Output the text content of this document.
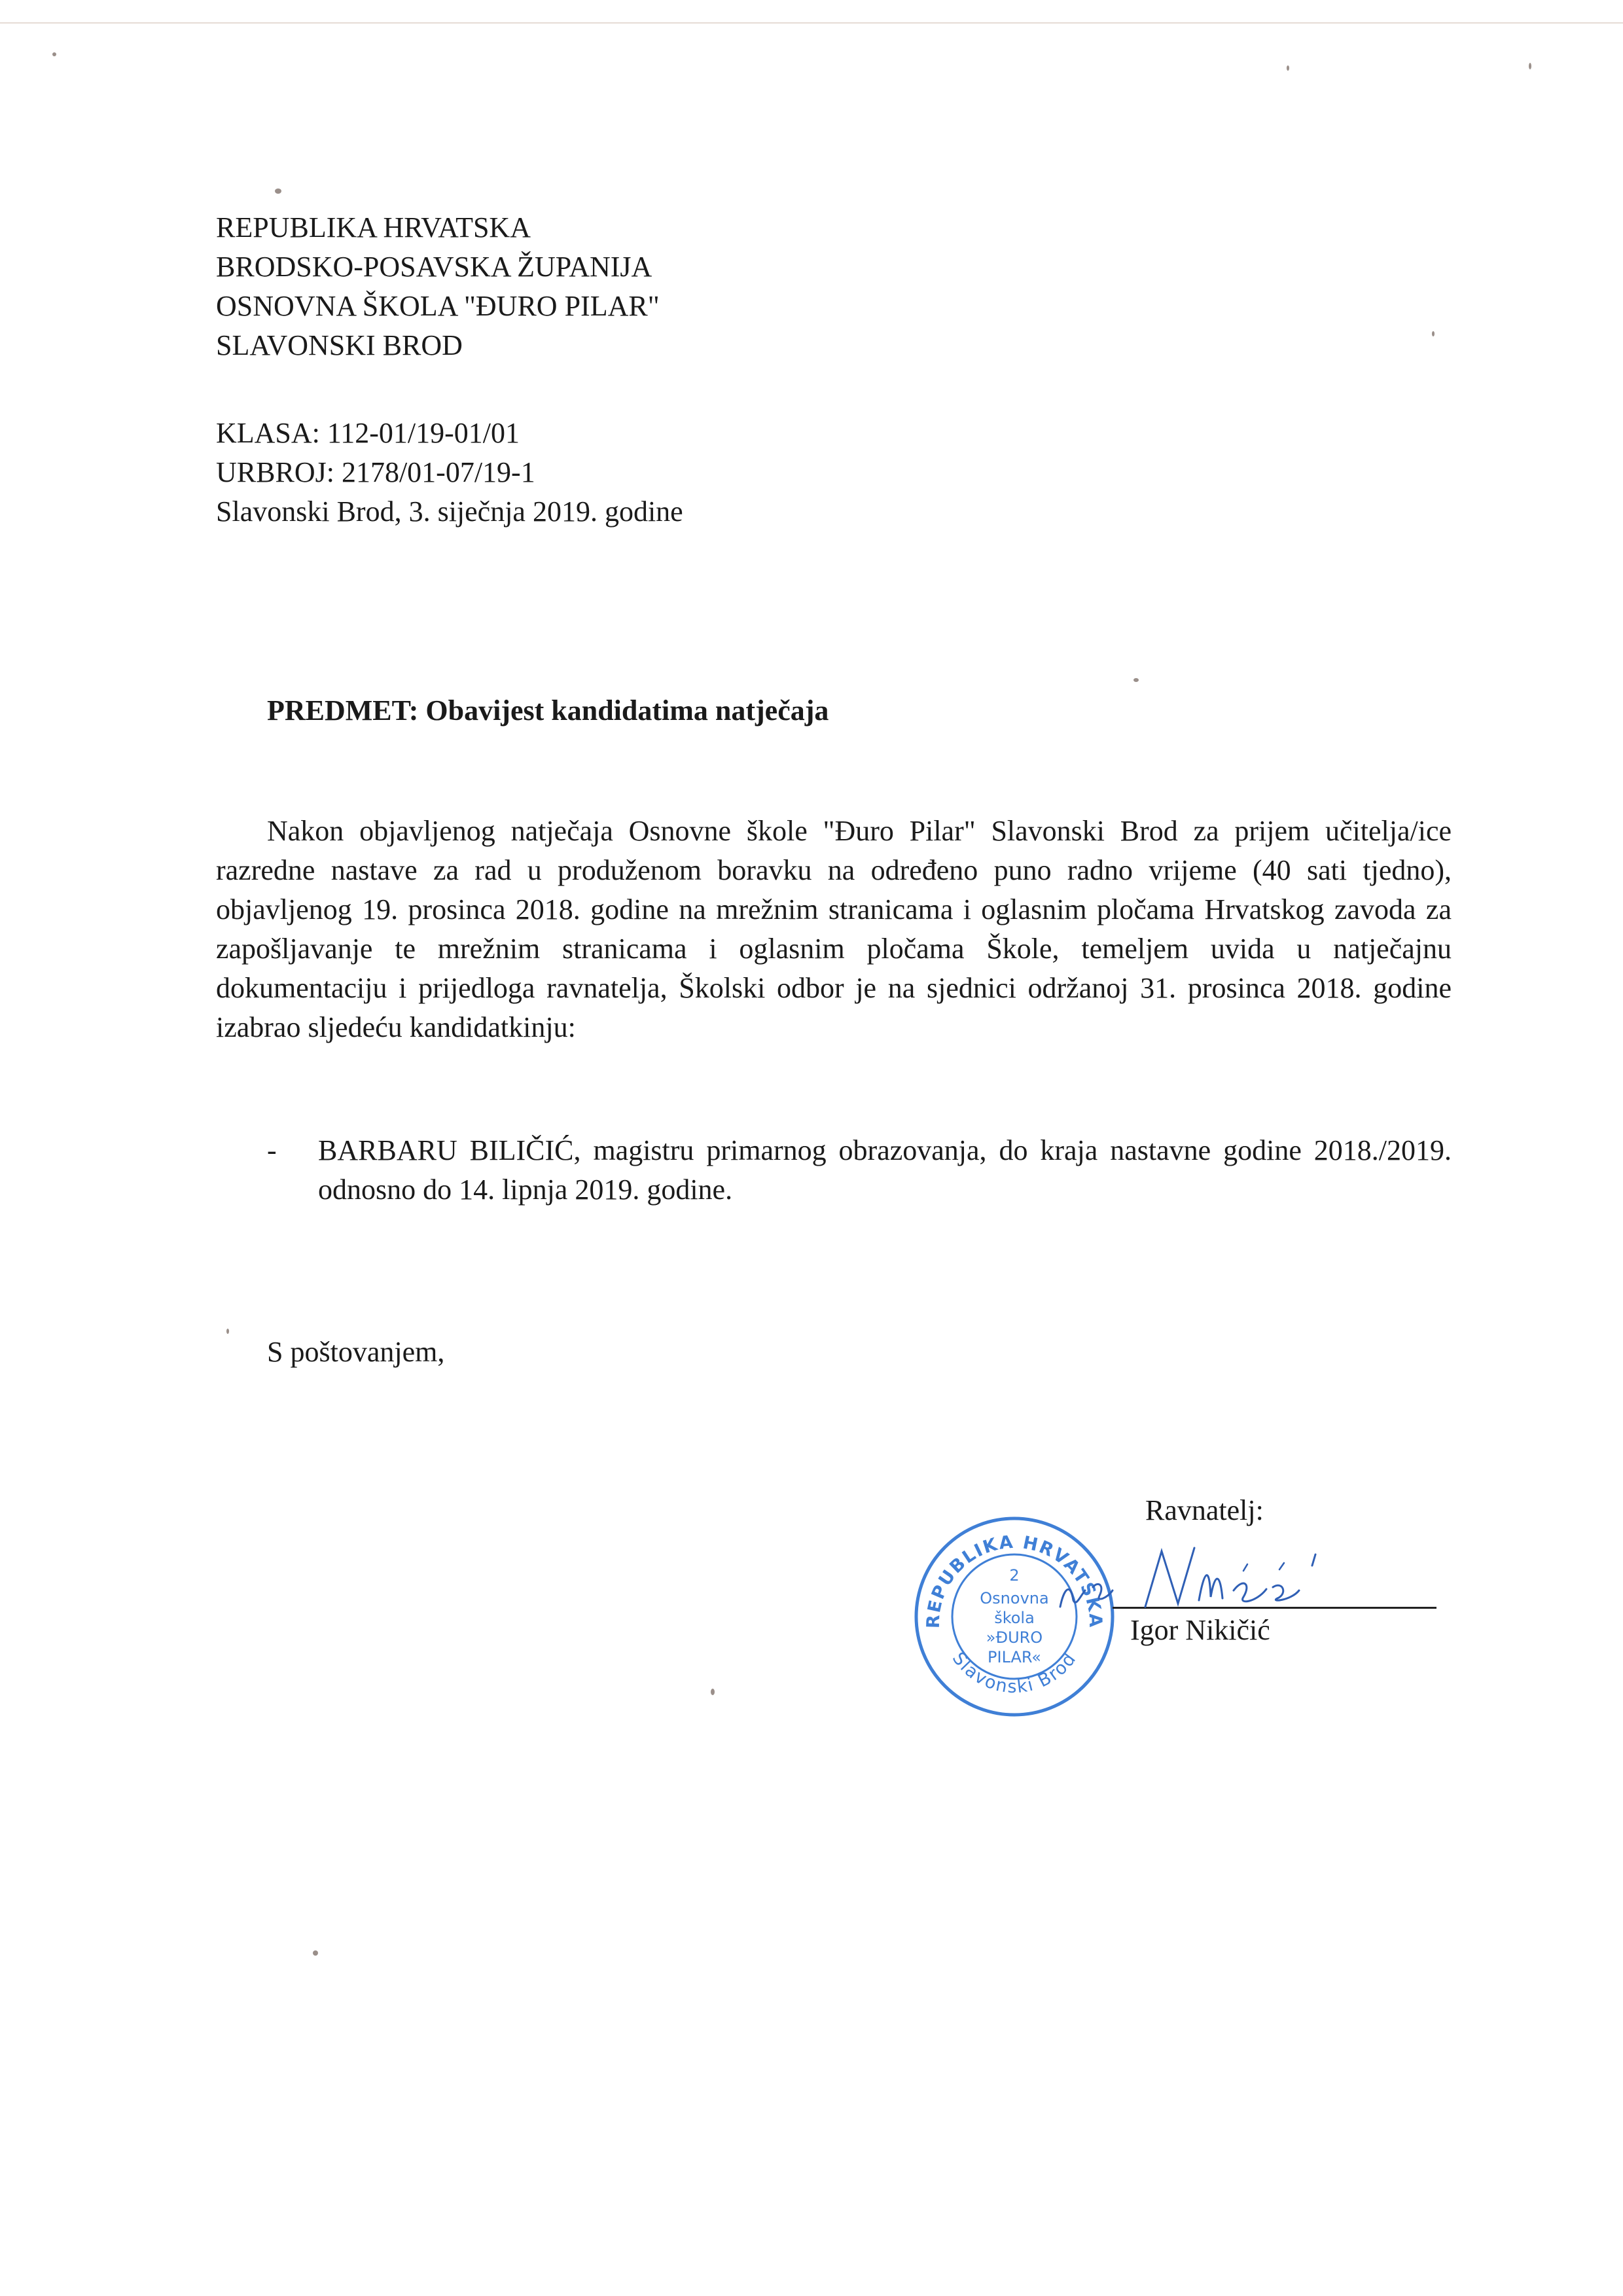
REPUBLIKA HRVATSKA
BRODSKO-POSAVSKA ŽUPANIJA
OSNOVNA ŠKOLA "ĐURO PILAR"
SLAVONSKI BROD
KLASA: 112-01/19-01/01
URBROJ: 2178/01-07/19-1
Slavonski Brod, 3. siječnja 2019. godine
PREDMET: Obavijest kandidatima natječaja
Nakon objavljenog natječaja Osnovne škole "Đuro Pilar" Slavonski Brod za prijem učitelja/ice razredne nastave za rad u produženom boravku na određeno puno radno vrijeme (40 sati tjedno), objavljenog 19. prosinca 2018. godine na mrežnim stranicama i oglasnim pločama Hrvatskog zavoda za zapošljavanje te mrežnim stranicama i oglasnim pločama Škole, temeljem uvida u natječajnu dokumentaciju i prijedloga ravnatelja, Školski odbor je na sjednici održanoj 31. prosinca 2018. godine izabrao sljedeću kandidatkinju:
- BARBARU BILIČIĆ, magistru primarnog obrazovanja, do kraja nastavne godine 2018./2019. odnosno do 14. lipnja 2019. godine.
S poštovanjem,
Ravnatelj:
REPUBLIKA HRVATSKA
Slavonski Brod
2
Osnovna
škola
»ĐURO
PILAR«
Igor Nikičić
